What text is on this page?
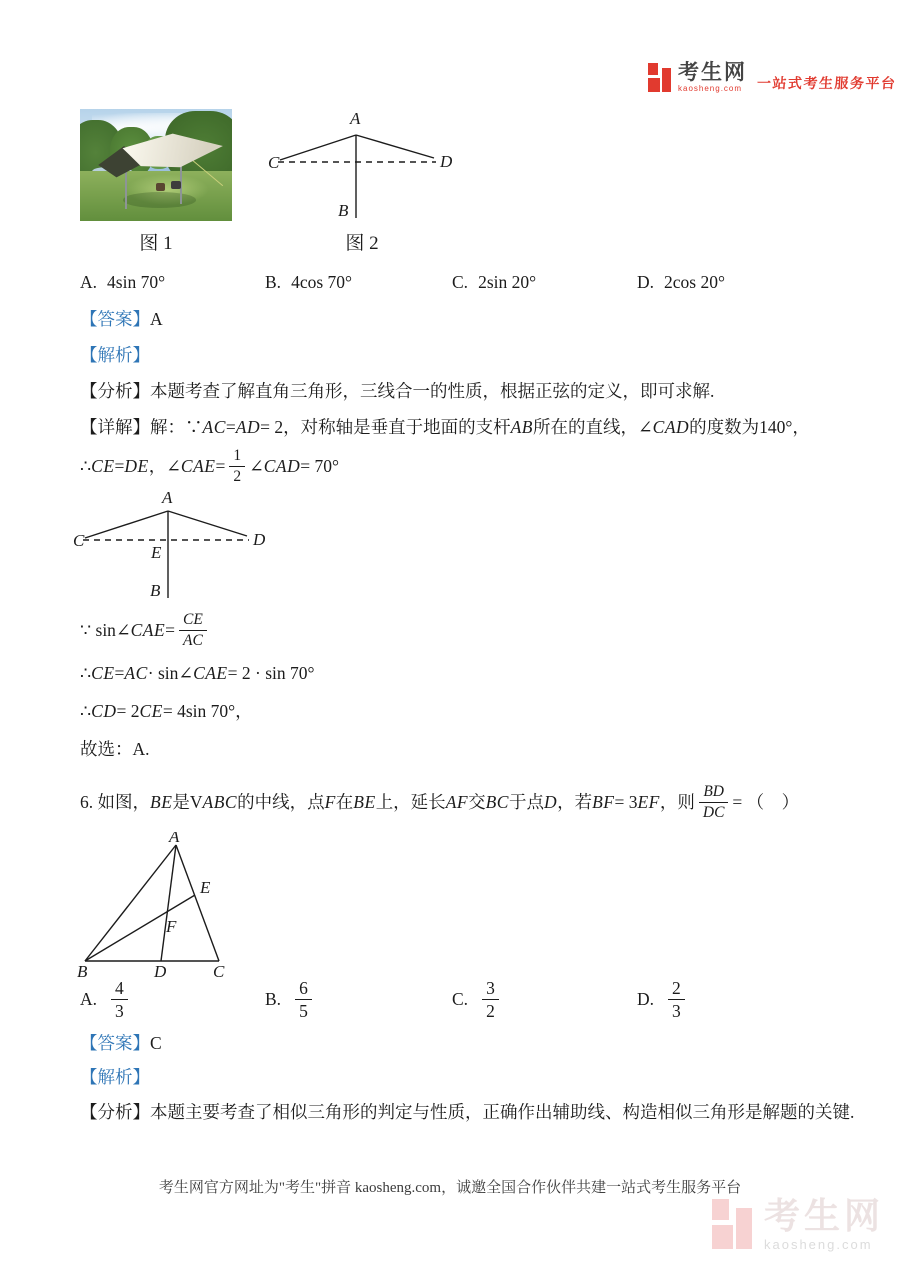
考生网
kaosheng.com	一站式考生服务平台
A
C	D
B
图 1	图 2
A. 4sin 70°	B. 4cos 70°	C. 2sin 20°	D. 2cos 20°

【答案】A

【解析】

【分析】本题考查了解直角三角形，三线合一的性质，根据正弦的定义，即可求解.

【详解】解：∵ AC = AD = 2 ，对称轴是垂直于地面的支杆 AB 所在的直线， ∠ CAD 的度数为140°，

∴ CE = DE ， ∠ CAE = $\frac{1}{2}$ ∠ CAD = 70°

A
C	D
E
B

∵ sin ∠ CAE = $\frac{CE}{AC}$

∴ CE = AC · sin ∠ CAE = 2 · sin 70°

∴ CD = 2 CE = 4sin 70° ，

故选：A.

6. 如图， BE 是 V ABC 的中线，点 F 在 BE 上，延长 AF 交 BC 于点 D ，若 BF = 3 EF ，则 $\frac{BD}{DC}$ = （　）

A
B	C
D
E
F
A. $\frac{4}{3}$	B. $\frac{6}{5}$	C. $\frac{3}{2}$	D. $\frac{2}{3}$

【答案】C

【解析】

【分析】本题主要考查了相似三角形的判定与性质，正确作出辅助线、构造相似三角形是解题的关键.

考生网官方网址为"考生"拼音 kaosheng.com，诚邀全国合作伙伴共建一站式考生服务平台
考生网
kaosheng.com
